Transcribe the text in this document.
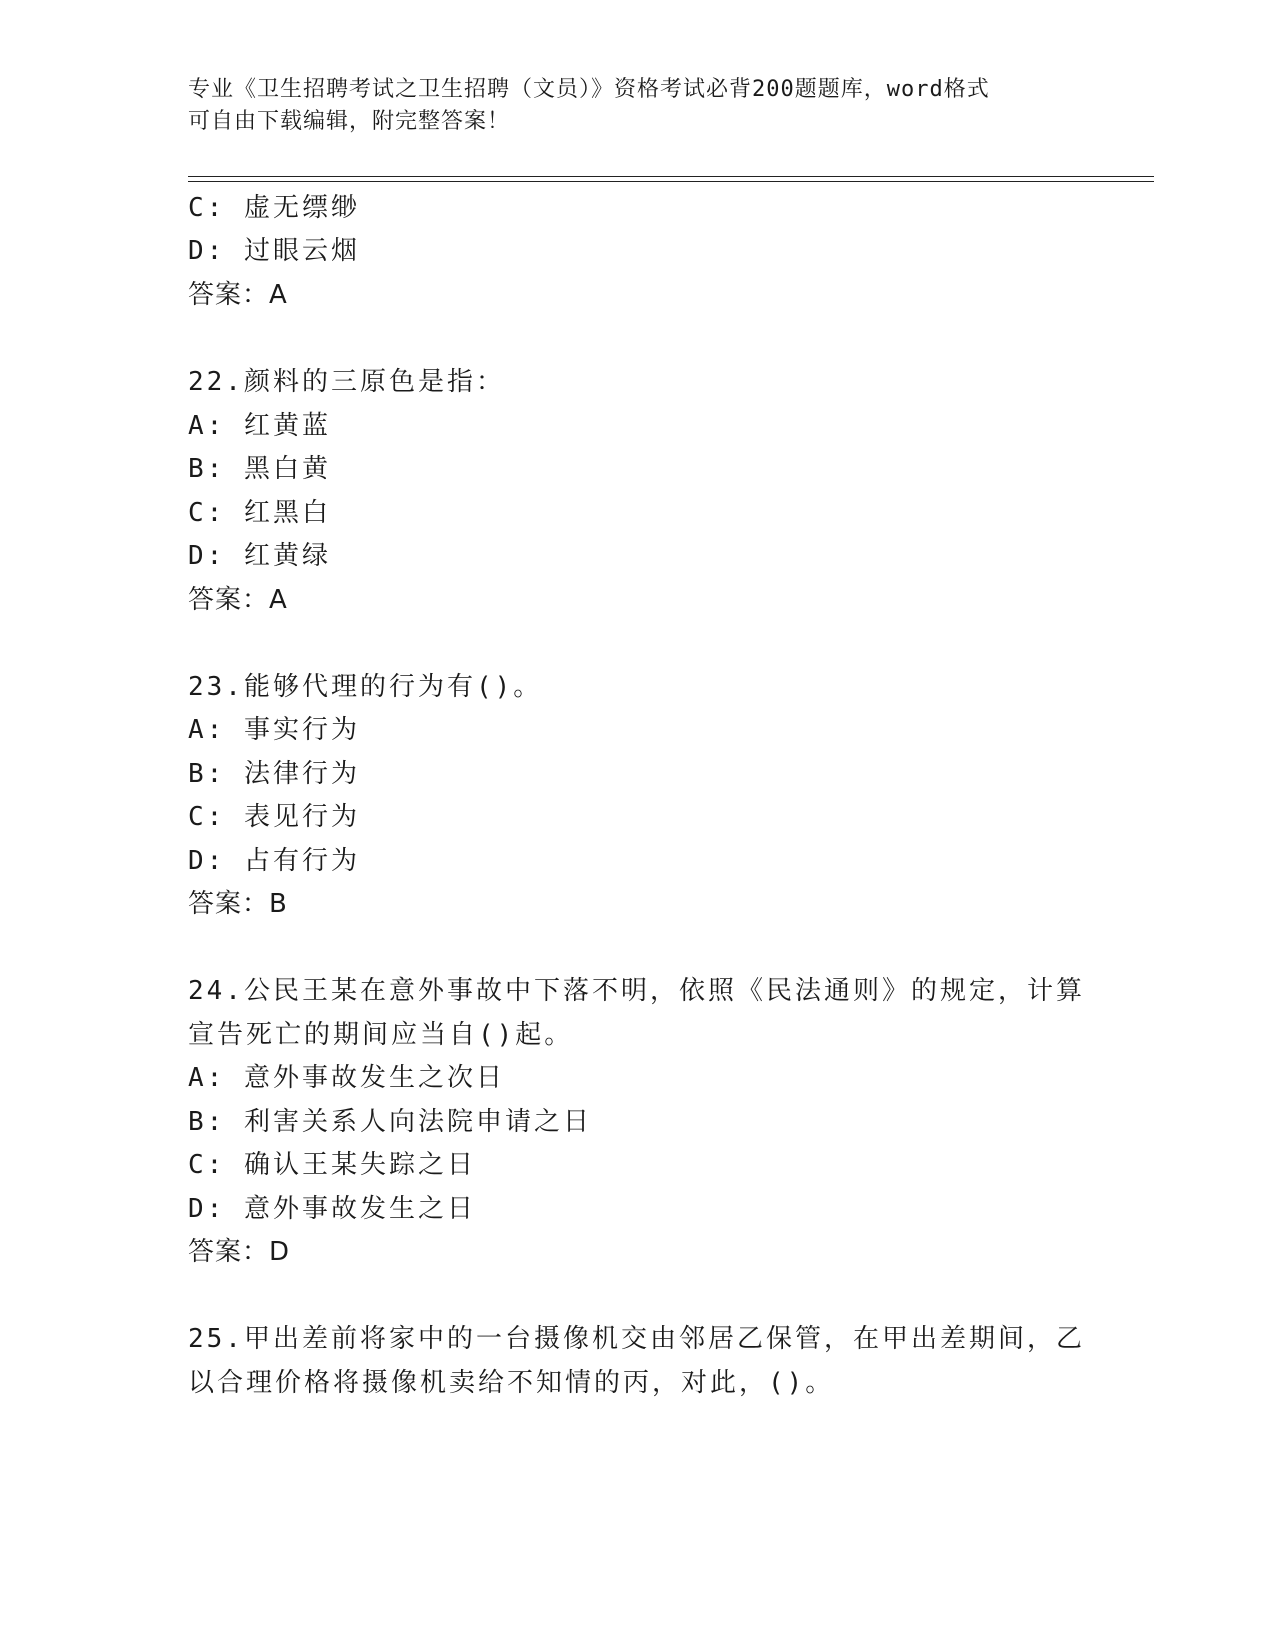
专业《卫生招聘考试之卫生招聘（文员）》资格考试必背200题题库，word格式
可自由下载编辑，附完整答案！
C: 虚无缥缈
D: 过眼云烟
答案：A
22.颜料的三原色是指：
A: 红黄蓝
B: 黑白黄
C: 红黑白
D: 红黄绿
答案：A
23.能够代理的行为有()。
A: 事实行为
B: 法律行为
C: 表见行为
D: 占有行为
答案：B
24.公民王某在意外事故中下落不明，依照《民法通则》的规定，计算
宣告死亡的期间应当自()起。
A: 意外事故发生之次日
B: 利害关系人向法院申请之日
C: 确认王某失踪之日
D: 意外事故发生之日
答案：D
25.甲出差前将家中的一台摄像机交由邻居乙保管，在甲出差期间，乙
以合理价格将摄像机卖给不知情的丙，对此，()。
